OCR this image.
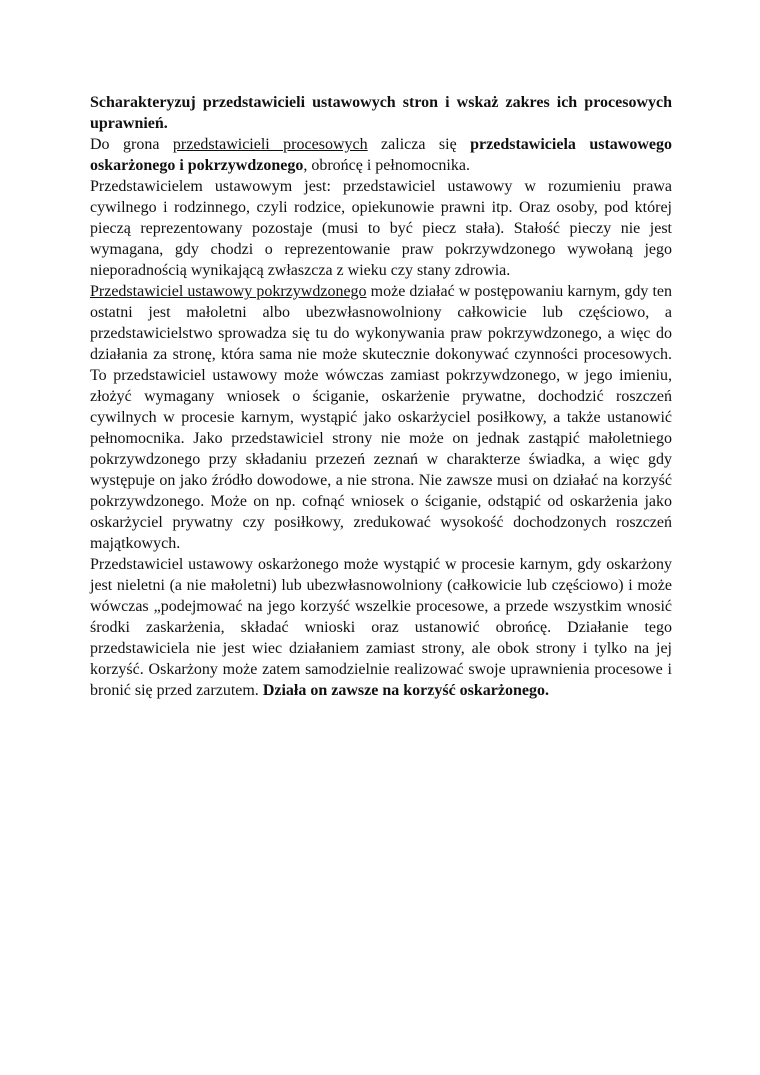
Scharakteryzuj przedstawicieli ustawowych stron i wskaż zakres ich procesowych uprawnień.

Do grona przedstawicieli procesowych zalicza się przedstawiciela ustawowego oskarżonego i pokrzywdzonego, obrońcę i pełnomocnika.

Przedstawicielem ustawowym jest: przedstawiciel ustawowy w rozumieniu prawa cywilnego i rodzinnego, czyli rodzice, opiekunowie prawni itp. Oraz osoby, pod której pieczą reprezentowany pozostaje (musi to być piecz stała). Stałość pieczy nie jest wymagana, gdy chodzi o reprezentowanie praw pokrzywdzonego wywołaną jego nieporadnością wynikającą zwłaszcza z wieku czy stany zdrowia.

Przedstawiciel ustawowy pokrzywdzonego może działać w postępowaniu karnym, gdy ten ostatni jest małoletni albo ubezwłasnowolniony całkowicie lub częściowo, a przedstawicielstwo sprowadza się tu do wykonywania praw pokrzywdzonego, a więc do działania za stronę, która sama nie może skutecznie dokonywać czynności procesowych. To przedstawiciel ustawowy może wówczas zamiast pokrzywdzonego, w jego imieniu, złożyć wymagany wniosek o ściganie, oskarżenie prywatne, dochodzić roszczeń cywilnych w procesie karnym, wystąpić jako oskarżyciel posiłkowy, a także ustanowić pełnomocnika. Jako przedstawiciel strony nie może on jednak zastąpić małoletniego pokrzywdzonego przy składaniu przezeń zeznań w charakterze świadka, a więc gdy występuje on jako źródło dowodowe, a nie strona. Nie zawsze musi on działać na korzyść pokrzywdzonego. Może on np. cofnąć wniosek o ściganie, odstąpić od oskarżenia jako oskarżyciel prywatny czy posiłkowy, zredukować wysokość dochodzonych roszczeń majątkowych.

Przedstawiciel ustawowy oskarżonego może wystąpić w procesie karnym, gdy oskarżony jest nieletni (a nie małoletni) lub ubezwłasnowolniony (całkowicie lub częściowo) i może wówczas „podejmować na jego korzyść wszelkie procesowe, a przede wszystkim wnosić środki zaskarżenia, składać wnioski oraz ustanowić obrońcę. Działanie tego przedstawiciela nie jest wiec działaniem zamiast strony, ale obok strony i tylko na jej korzyść. Oskarżony może zatem samodzielnie realizować swoje uprawnienia procesowe i bronić się przed zarzutem. Działa on zawsze na korzyść oskarżonego.
